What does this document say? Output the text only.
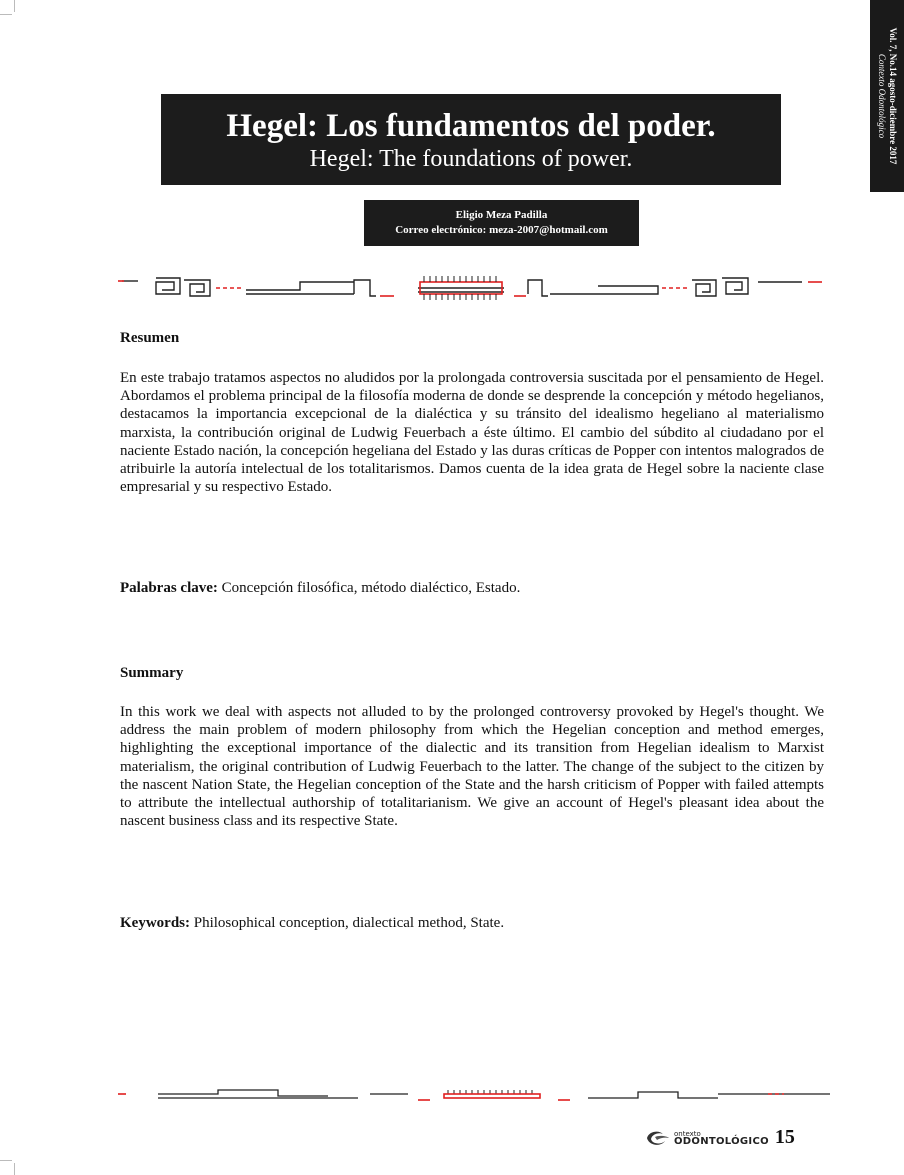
Vol. 7, No.14 agosto-diciembre 2017
Contexto Odontológico
Hegel: Los fundamentos del poder.
Hegel: The foundations of power.
Eligio Meza Padilla
Correo electrónico: meza-2007@hotmail.com
Resumen
En este trabajo tratamos aspectos no aludidos por la prolongada controversia suscitada por el pensamiento de Hegel. Abordamos el problema principal de la filosofía moderna de donde se desprende la concepción y método hegelianos, destacamos la importancia excepcional de la dialéctica y su tránsito del idealismo hegeliano al materialismo marxista, la contribución original de Ludwig Feuerbach a éste último. El cambio del súbdito al ciudadano por el naciente Estado nación, la concepción hegeliana del Estado y las duras críticas de Popper con intentos malogrados de atribuirle la autoría intelectual de los totalitarismos. Damos cuenta de la idea grata de Hegel sobre la naciente clase empresarial y su respectivo Estado.
Palabras clave: Concepción filosófica, método dialéctico, Estado.
Summary
In this work we deal with aspects not alluded to by the prolonged controversy provoked by Hegel's thought. We address the main problem of modern philosophy from which the Hegelian conception and method emerges, highlighting the exceptional importance of the dialectic and its transition from Hegelian idealism to Marxist materialism, the original contribution of Ludwig Feuerbach to the latter. The change of the subject to the citizen by the nascent Nation State, the Hegelian conception of the State and the harsh criticism of Popper with failed attempts to attribute the intellectual authorship of totalitarianism. We give an account of Hegel's pleasant idea about the nascent business class and its respective State.
Keywords: Philosophical conception, dialectical method, State.
ontexto
ODONTOLÓGICO 15
